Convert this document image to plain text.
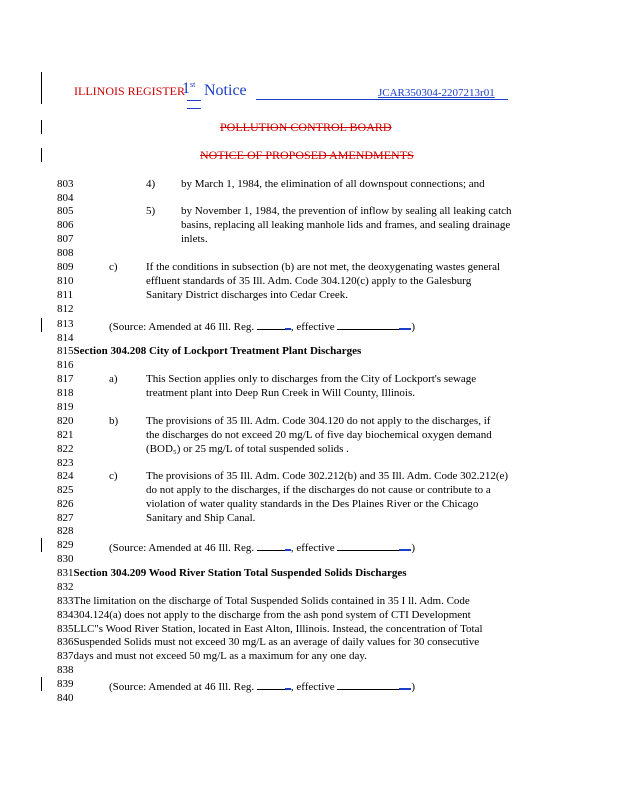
ILLINOIS REGISTER
1st Notice	JCAR350304-2207213r01
POLLUTION CONTROL BOARD
NOTICE OF PROPOSED AMENDMENTS
803	4) by March 1, 1984, the elimination of all downspout connections; and
804
805	5) by November 1, 1984, the prevention of inflow by sealing all leaking catch
806	basins, replacing all leaking manhole lids and frames, and sealing drainage
807	inlets.
808
809	c)	If the conditions in subsection (b) are not met, the deoxygenating wastes general
810	effluent standards of 35 Ill. Adm. Code 304.120(c) apply to the Galesburg
811	Sanitary District discharges into Cedar Creek.
812
813	(Source: Amended at 46 Ill. Reg.	, effective	)
814
815Section 304.208 City of Lockport Treatment Plant Discharges
816
817	a)	This Section applies only to discharges from the City of Lockport's sewage
818	treatment plant into Deep Run Creek in Will County, Illinois.
819
820	b)	The provisions of 35 Ill. Adm. Code 304.120 do not apply to the discharges, if
821	the discharges do not exceed 20 mg/L of five day biochemical oxygen demand
822	(BOD₅) or 25 mg/L of total suspended solids .
823
824	c)	The provisions of 35 Ill. Adm. Code 302.212(b) and 35 Ill. Adm. Code 302.212(e)
825	do not apply to the discharges, if the discharges do not cause or contribute to a
826	violation of water quality standards in the Des Plaines River or the Chicago
827	Sanitary and Ship Canal.
828
829	(Source: Amended at 46 Ill. Reg.	, effective	)
830
831Section 304.209 Wood River Station Total Suspended Solids Discharges
832
833The limitation on the discharge of Total Suspended Solids contained in 35 I ll. Adm. Code
834304.124(a) does not apply to the discharge from the ash pond system of CTI Development
835LLC"s Wood River Station, located in East Alton, Illinois. Instead, the concentration of Total
836Suspended Solids must not exceed 30 mg/L as an average of daily values for 30 consecutive
837days and must not exceed 50 mg/L as a maximum for any one day.
838
839	(Source: Amended at 46 Ill. Reg.	, effective	)
840
